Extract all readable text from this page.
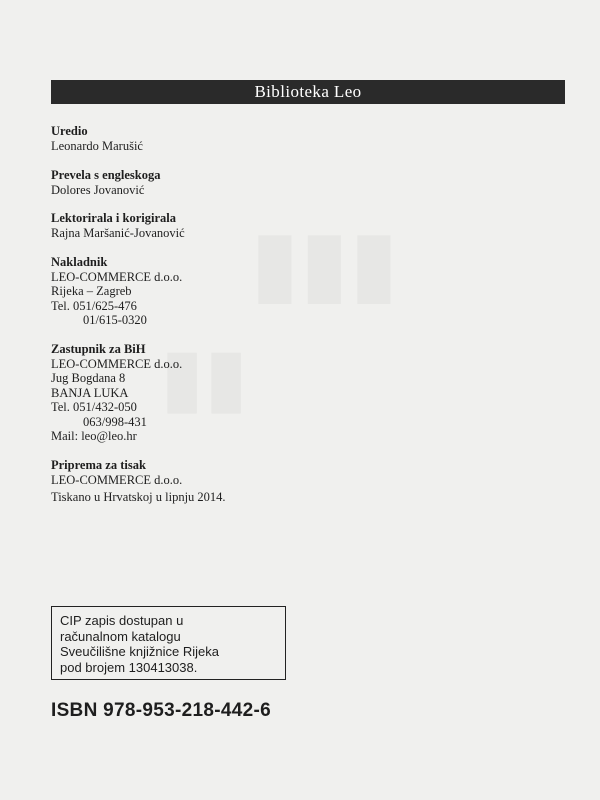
Biblioteka Leo
Uredio
Leonardo Marušić
Prevela s engleskoga
Dolores Jovanović
Lektorirala i korigirala
Rajna Maršanić-Jovanović
Nakladnik
LEO-COMMERCE d.o.o.
Rijeka – Zagreb
Tel. 051/625-476
01/615-0320
Zastupnik za BiH
LEO-COMMERCE d.o.o.
Jug Bogdana 8
BANJA LUKA
Tel. 051/432-050
063/998-431
Mail: leo@leo.hr
Priprema za tisak
LEO-COMMERCE d.o.o.
Tiskano u Hrvatskoj u lipnju 2014.
CIP zapis dostupan u
računalnom katalogu
Sveučilišne knjižnice Rijeka
pod brojem 130413038.
ISBN 978-953-218-442-6
